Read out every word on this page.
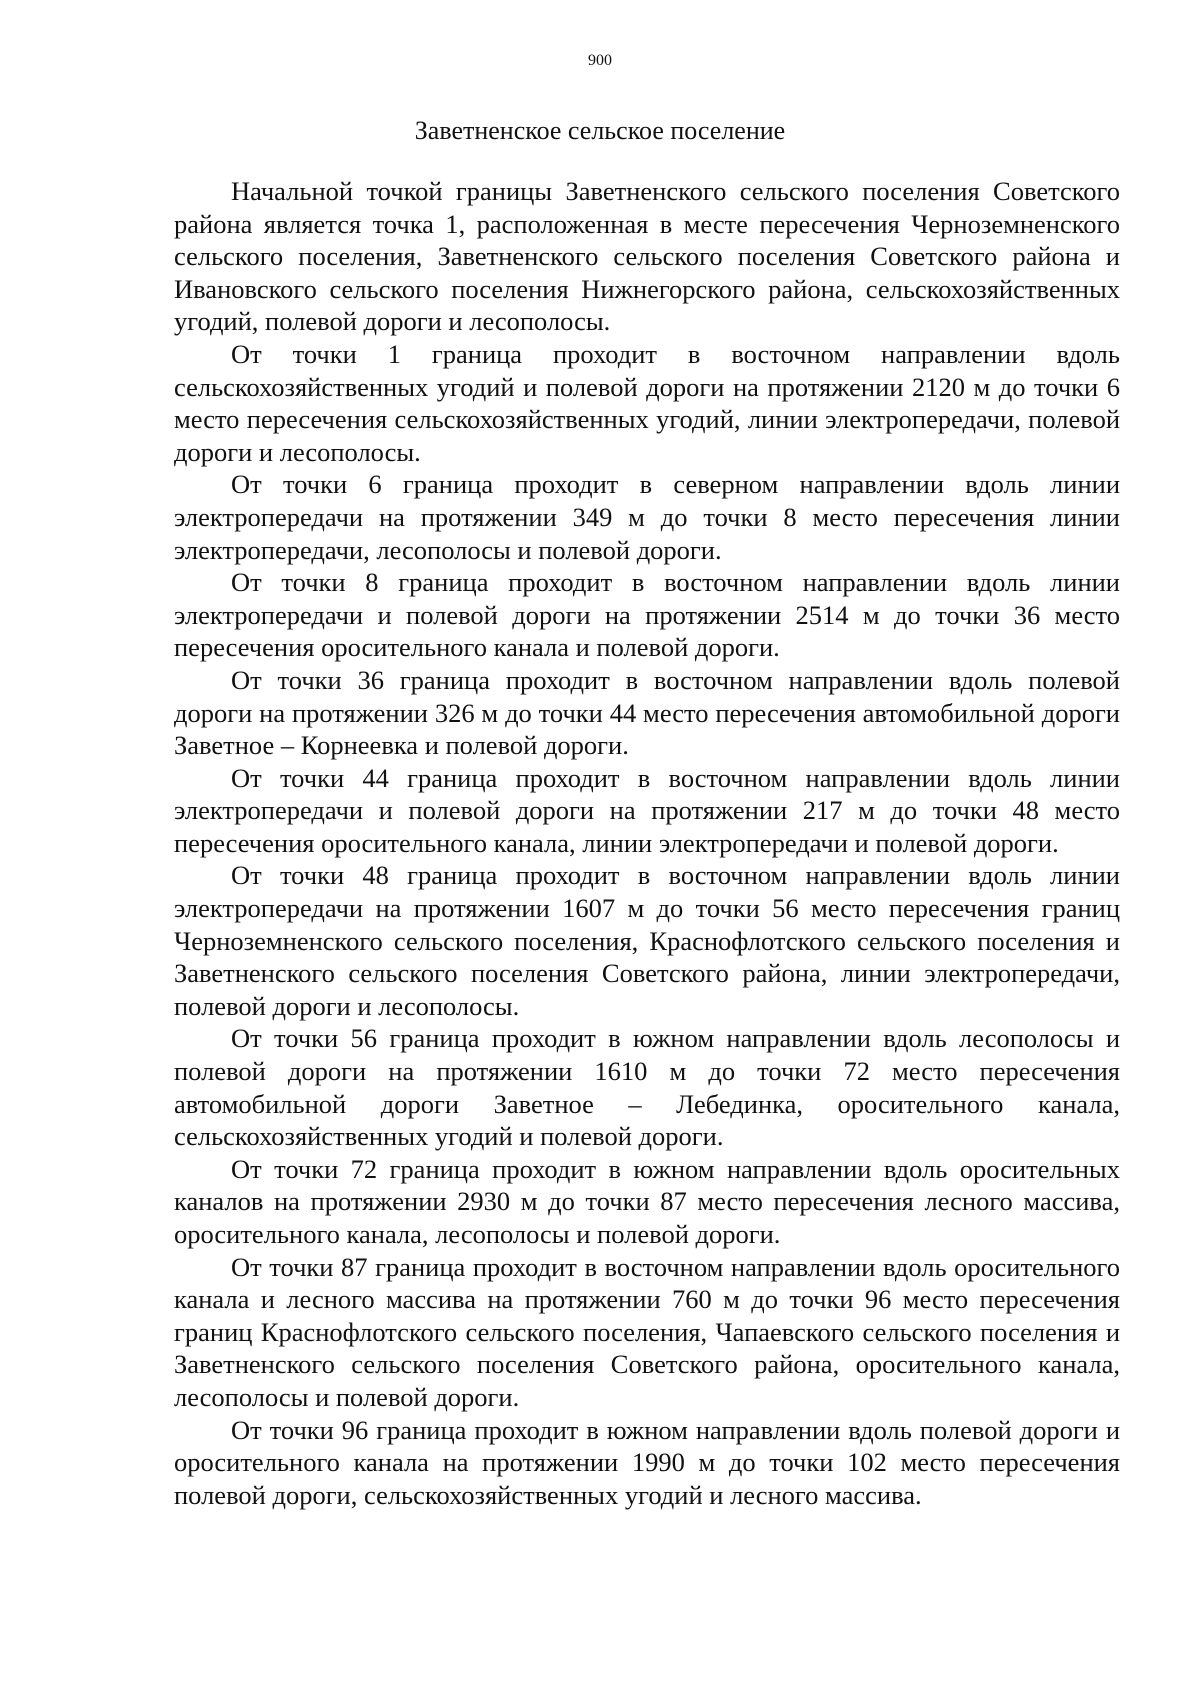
900
Заветненское сельское поселение

Начальной точкой границы Заветненского сельского поселения Советского района является точка 1, расположенная в месте пересечения Черноземненского сельского поселения, Заветненского сельского поселения Советского района и Ивановского сельского поселения Нижнегорского района, сельскохозяйственных угодий, полевой дороги и лесополосы.

От точки 1 граница проходит в восточном направлении вдоль сельскохозяйственных угодий и полевой дороги на протяжении 2120 м до точки 6 место пересечения сельскохозяйственных угодий, линии электропередачи, полевой дороги и лесополосы.

От точки 6 граница проходит в северном направлении вдоль линии электропередачи на протяжении 349 м до точки 8 место пересечения линии электропередачи, лесополосы и полевой дороги.

От точки 8 граница проходит в восточном направлении вдоль линии электропередачи и полевой дороги на протяжении 2514 м до точки 36 место пересечения оросительного канала и полевой дороги.

От точки 36 граница проходит в восточном направлении вдоль полевой дороги на протяжении 326 м до точки 44 место пересечения автомобильной дороги Заветное – Корнеевка и полевой дороги.

От точки 44 граница проходит в восточном направлении вдоль линии электропередачи и полевой дороги на протяжении 217 м до точки 48 место пересечения оросительного канала, линии электропередачи и полевой дороги.

От точки 48 граница проходит в восточном направлении вдоль линии электропередачи на протяжении 1607 м до точки 56 место пересечения границ Черноземненского сельского поселения, Краснофлотского сельского поселения и Заветненского сельского поселения Советского района, линии электропередачи, полевой дороги и лесополосы.

От точки 56 граница проходит в южном направлении вдоль лесополосы и полевой дороги на протяжении 1610 м до точки 72 место пересечения автомобильной дороги Заветное – Лебединка, оросительного канала, сельскохозяйственных угодий и полевой дороги.

От точки 72 граница проходит в южном направлении вдоль оросительных каналов на протяжении 2930 м до точки 87 место пересечения лесного массива, оросительного канала, лесополосы и полевой дороги.

От точки 87 граница проходит в восточном направлении вдоль оросительного канала и лесного массива на протяжении 760 м до точки 96 место пересечения границ Краснофлотского сельского поселения, Чапаевского сельского поселения и Заветненского сельского поселения Советского района, оросительного канала, лесополосы и полевой дороги.

От точки 96 граница проходит в южном направлении вдоль полевой дороги и оросительного канала на протяжении 1990 м до точки 102 место пересечения полевой дороги, сельскохозяйственных угодий и лесного массива.
